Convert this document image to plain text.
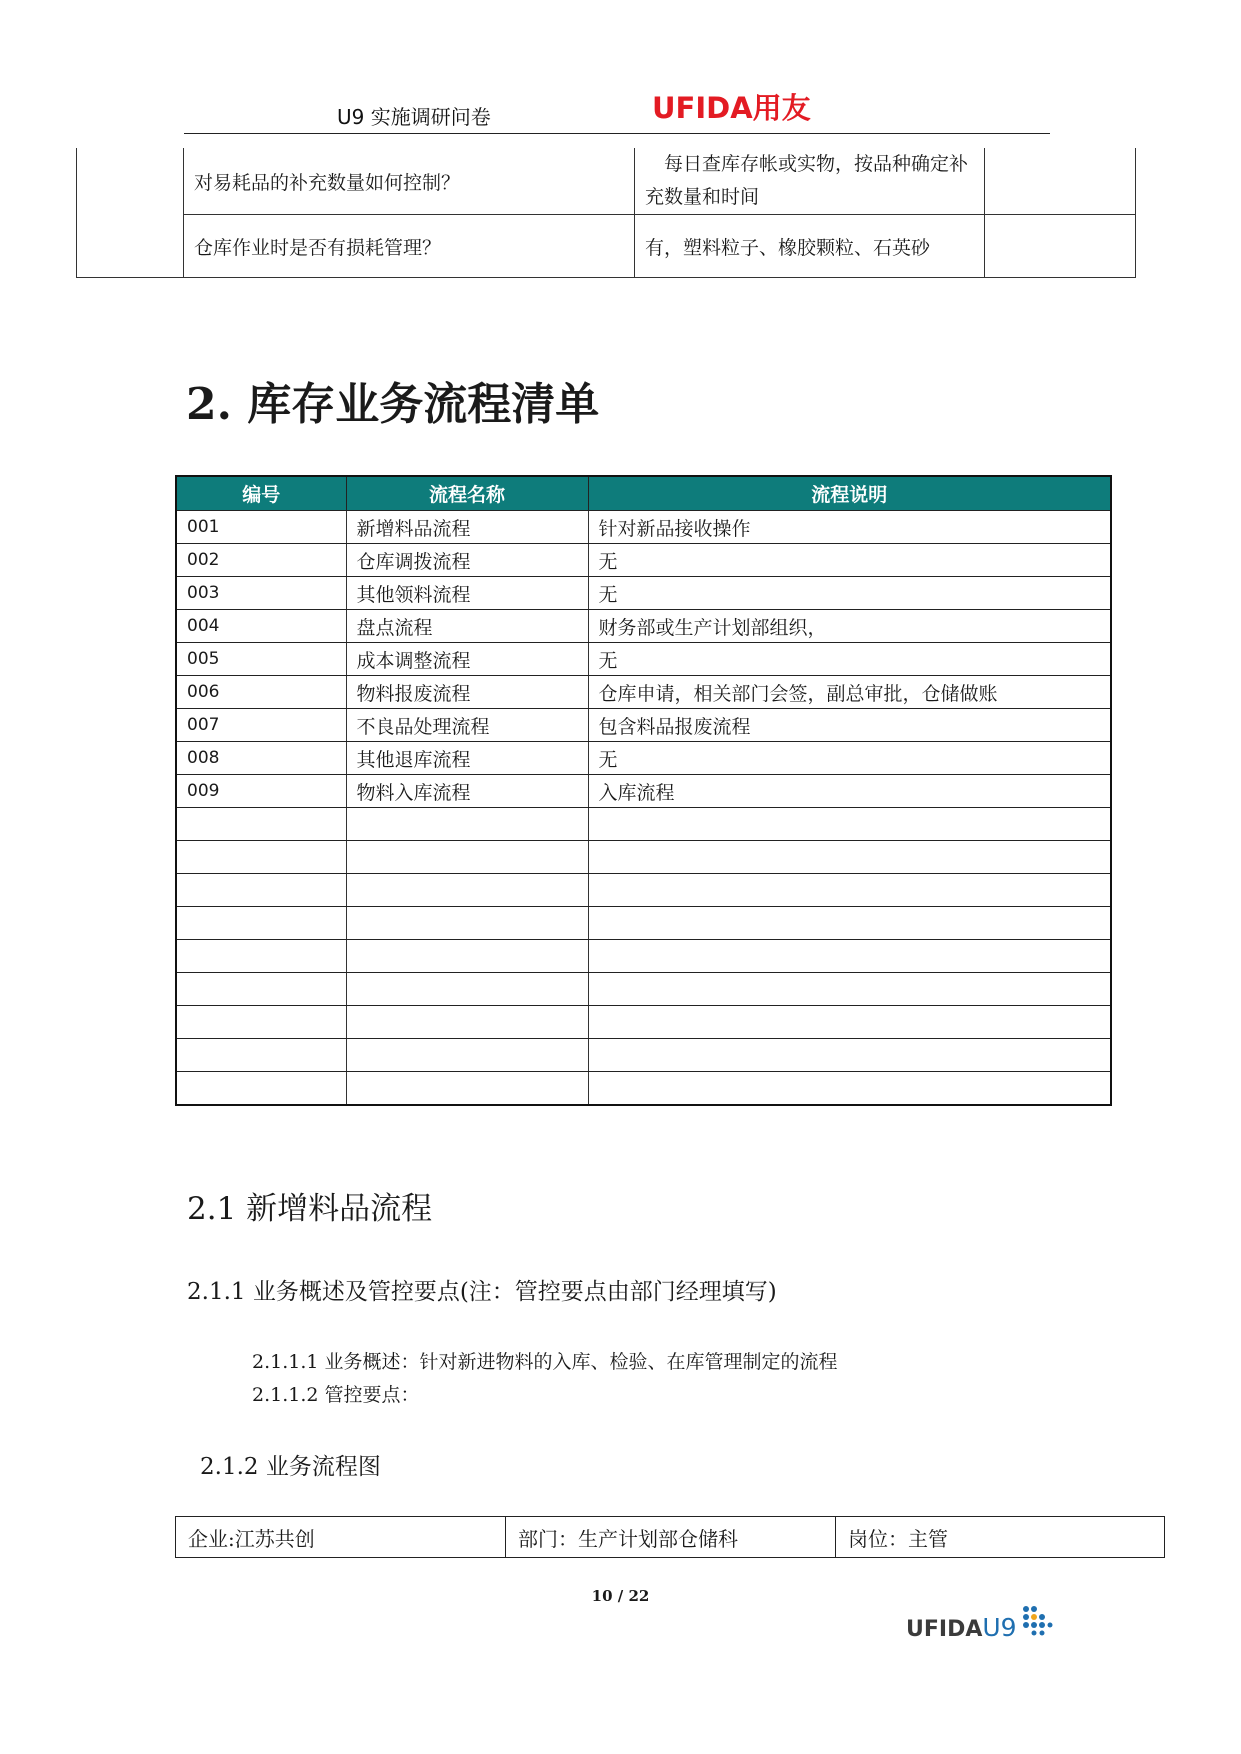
U9 实施调研问卷	UFIDA用友
	对易耗品的补充数量如何控制？	　每日查库存帐或实物，按品种确定补充数量和时间	
	仓库作业时是否有损耗管理？	有，塑料粒子、橡胶颗粒、石英砂	
2. 库存业务流程清单
编号	流程名称	流程说明
001	新增料品流程	针对新品接收操作
002	仓库调拨流程	无
003	其他领料流程	无
004	盘点流程	财务部或生产计划部组织，
005	成本调整流程	无
006	物料报废流程	仓库申请，相关部门会签，副总审批，仓储做账
007	不良品处理流程	包含料品报废流程
008	其他退库流程	无
009	物料入库流程	入库流程

2.1 新增料品流程
2.1.1 业务概述及管控要点(注：管控要点由部门经理填写)

2.1.1.1 业务概述：针对新进物料的入库、检验、在库管理制定的流程

2.1.1.2 管控要点：

2.1.2 业务流程图
企业:江苏共创	部门：生产计划部仓储科	岗位：主管
10 / 22
UFIDAU9
